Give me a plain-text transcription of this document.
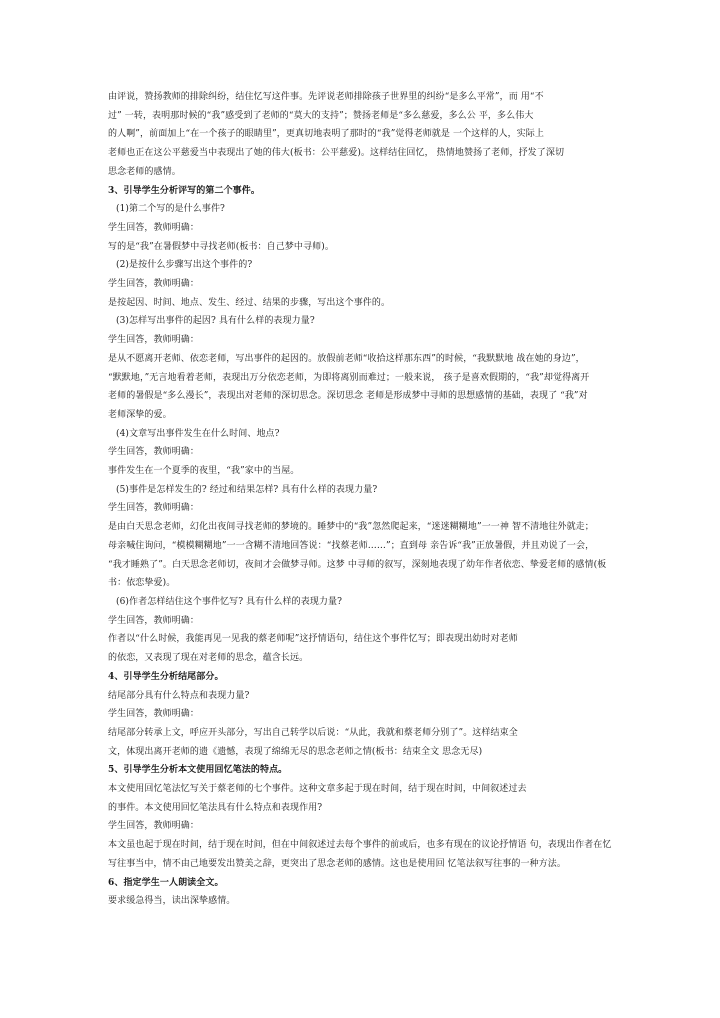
由评说，赞扬教师的排除纠纷，结住忆写这件事。先评说老师排除孩子世界里的纠纷“是多么平常”，而 用“不
过” 一转，表明那时候的“我”感受到了老师的“莫大的支持”；赞扬老师是“多么慈爱，多么公 平，多么伟大
的人啊”，前面加上“在一个孩子的眼睛里”，更真切地表明了那时的“我”觉得老师就是 一个这样的人，实际上
老师也正在这公平慈爱当中表现出了她的伟大(板书：公平慈爱)。这样结住回忆， 热情地赞扬了老师，抒发了深切
思念老师的感情。
3、引导学生分析评写的第二个事件。
(1)第二个写的是什么事件?
学生回答，教师明确：
写的是“我”在暑假梦中寻找老师(板书：自己梦中寻师)。
(2)是按什么步骤写出这个事件的?
学生回答，教师明确：
是按起因、时间、地点、发生、经过、结果的步骤，写出这个事件的。
(3)怎样写出事件的起因? 具有什么样的表现力量?
学生回答，教师明确：
是从不愿离开老师、依恋老师，写出事件的起因的。放假前老师“收拾这样那东西”的时候，“我默默地 战在她的身边”，
“默默地，”无言地看着老师，表现出万分依恋老师，为即将离别而难过；一般来说， 孩子是喜欢假期的，“我”却觉得离开
老师的暑假是“多么漫长”，表现出对老师的深切思念。深切思念 老师是形成梦中寻师的思想感情的基础，表现了 “我”对
老师深挚的爱。
(4)文章写出事件发生在什么时间、地点?
学生回答，教师明确：
事件发生在一个夏季的夜里，“我”家中的当屋。
(5)事件是怎样发生的? 经过和结果怎样? 具有什么样的表现力量?
学生回答，教师明确：
是由白天思念老师，幻化出夜间寻找老师的梦境的。睡梦中的“我”忽然爬起来，“迷迷糊糊地”一一神 智不清地往外就走；
母亲喊住询问，“模模糊糊地”一一含糊不清地回答说：“找蔡老师……”；直到母 亲告诉“我”正放暑假，并且劝说了一会，
“我才睡熟了”。白天思念老师切，夜间才会做梦寻师。这梦 中寻师的叙写，深刻地表现了幼年作者依恋、挚爱老师的感情(板
书：依恋挚爱)。
(6)作者怎样结住这个事件忆写? 具有什么样的表现力量?
学生回答，教师明确：
作者以“什么时候，我能再见一见我的蔡老师呢”这抒情语句，结住这个事件忆写；即表现出幼时对老师
的依恋，又表现了现在对老师的思念，蕴含长远。
4、引导学生分析结尾部分。
结尾部分具有什么特点和表现力量?
学生回答，教师明确：
结尾部分转承上文，呼应开头部分，写出自己转学以后说：“从此，我就和蔡老师分别了”。这样结束全
文，体现出离开老师的遗《遗憾，表现了绵绵无尽的思念老师之情(板书：结束全文 思念无尽)
5、引导学生分析本文使用回忆笔法的特点。
本文使用回忆笔法忆写关于蔡老师的七个事件。这种文章多起于现在时间，结于现在时间，中间叙述过去
的事件。本文使用回忆笔法具有什么特点和表现作用?
学生回答，教师明确：
本文虽也起于现在时间，结于现在时间，但在中间叙述过去每个事件的前或后，也多有现在的议论抒情语 句，表现出作者在忆
写往事当中，情不由己地要发出赞美之辞，更突出了思念老师的感情。这也是使用回 忆笔法叙写往事的一种方法。
6、指定学生一人朗读全文。
要求缓急得当，读出深挚感情。
